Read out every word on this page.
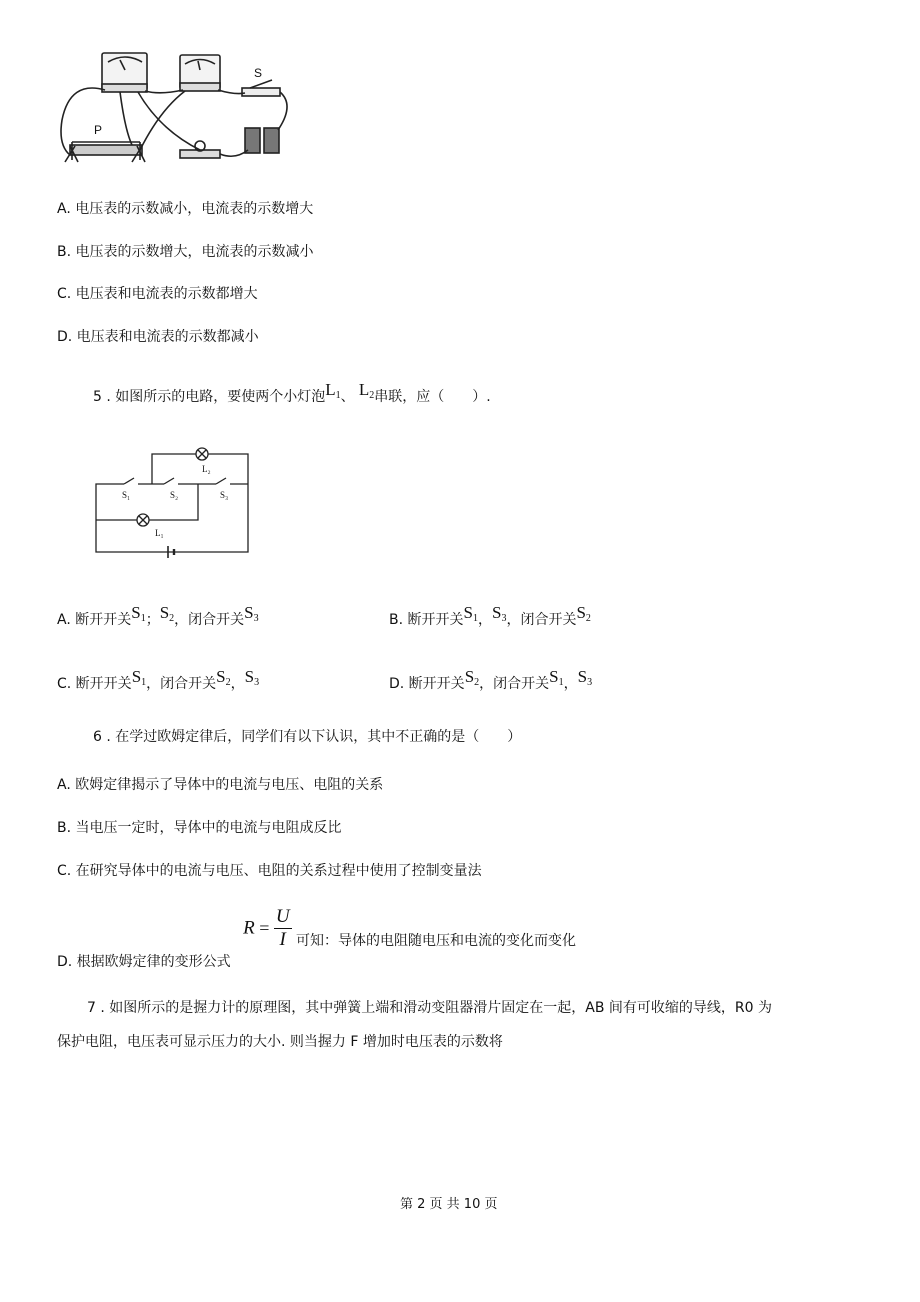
S
P
A. 电压表的示数减小，电流表的示数增大
B. 电压表的示数增大，电流表的示数减小
C. 电压表和电流表的示数都增大
D. 电压表和电流表的示数都减小
5 . 如图所示的电路，要使两个小灯泡L1、 L2串联，应（　　）.
S₁	S₂	S₃
L₂
L₁
A. 断开开关S1；S2，闭合开关S3	B. 断开开关S1，S3，闭合开关S2
C. 断开开关S1，闭合开关S2，S3	D. 断开开关S2，闭合开关S1，S3
6 . 在学过欧姆定律后，同学们有以下认识，其中不正确的是（　　）
A. 欧姆定律揭示了导体中的电流与电压、电阻的关系
B. 当电压一定时，导体中的电流与电阻成反比
C. 在研究导体中的电流与电压、电阻的关系过程中使用了控制变量法
D. 根据欧姆定律的变形公式 $R = \frac{U}{I}$ 可知：导体的电阻随电压和电流的变化而变化
7 . 如图所示的是握力计的原理图，其中弹簧上端和滑动变阻器滑片固定在一起，AB 间有可收缩的导线，R0 为
保护电阻，电压表可显示压力的大小. 则当握力 F 增加时电压表的示数将
第 2 页 共 10 页
